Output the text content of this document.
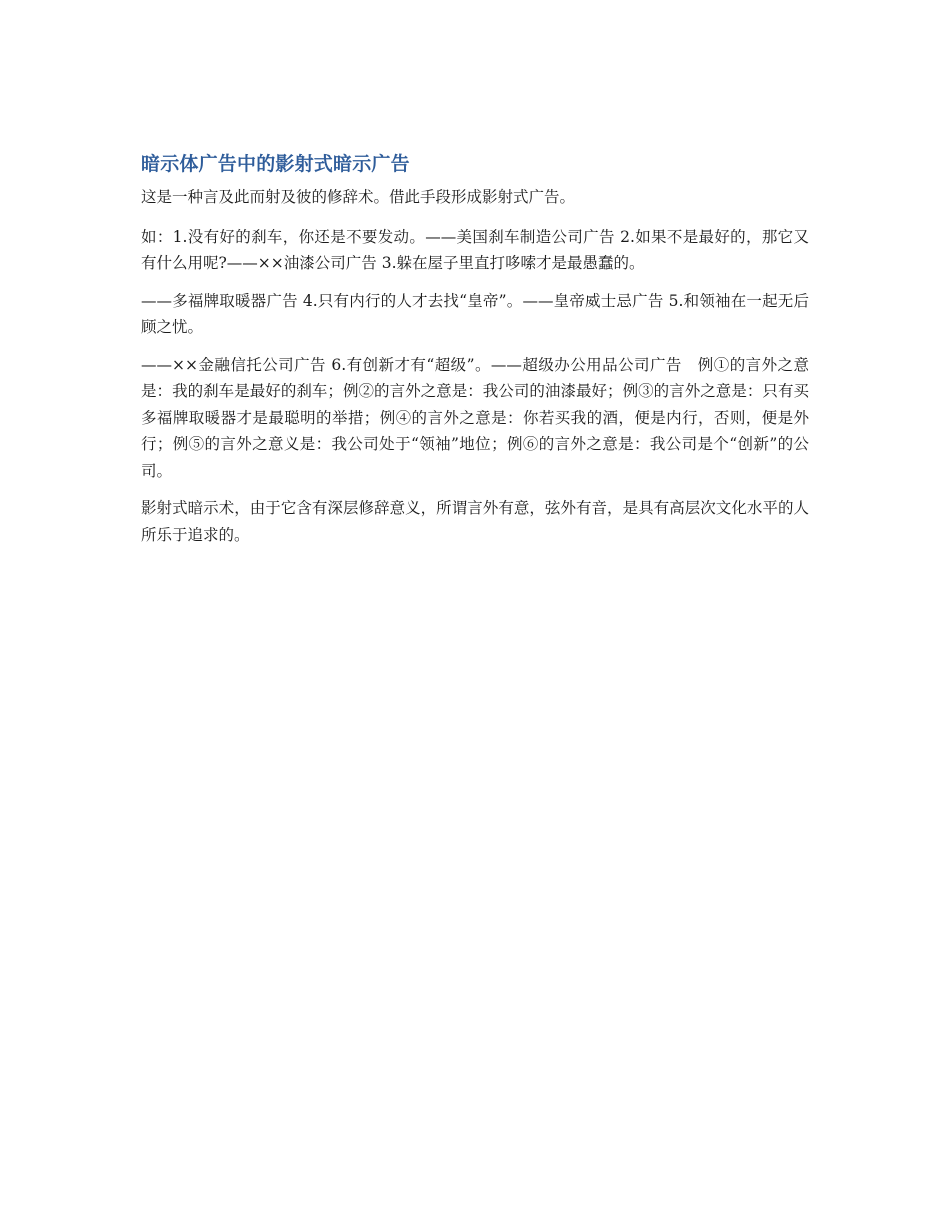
暗示体广告中的影射式暗示广告

这是一种言及此而射及彼的修辞术。借此手段形成影射式广告。

如：1.没有好的刹车，你还是不要发动。——美国刹车制造公司广告 2.如果不是最好的，那它又有什么用呢?——××油漆公司广告 3.躲在屋子里直打哆嗦才是最愚蠢的。

——多福牌取暖器广告 4.只有内行的人才去找“皇帝”。——皇帝威士忌广告 5.和领袖在一起无后顾之忧。

——××金融信托公司广告 6.有创新才有“超级”。——超级办公用品公司广告　例①的言外之意是：我的刹车是最好的刹车；例②的言外之意是：我公司的油漆最好；例③的言外之意是：只有买多福牌取暖器才是最聪明的举措；例④的言外之意是：你若买我的酒，便是内行，否则，便是外行；例⑤的言外之意义是：我公司处于“领袖”地位；例⑥的言外之意是：我公司是个“创新”的公司。

影射式暗示术，由于它含有深层修辞意义，所谓言外有意，弦外有音，是具有高层次文化水平的人所乐于追求的。
